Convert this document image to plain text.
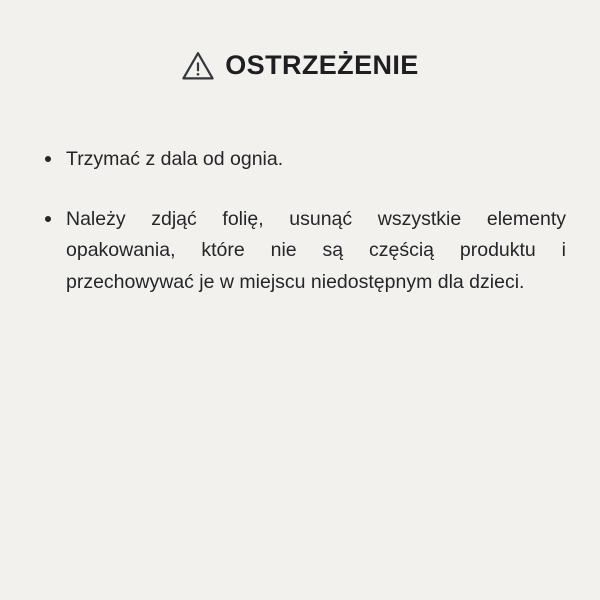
OSTRZEŻENIE
Trzymać z dala od ognia.
Należy zdjąć folię, usunąć wszystkie elementy opakowania, które nie są częścią produktu i przechowywać je w miejscu niedostępnym dla dzieci.
